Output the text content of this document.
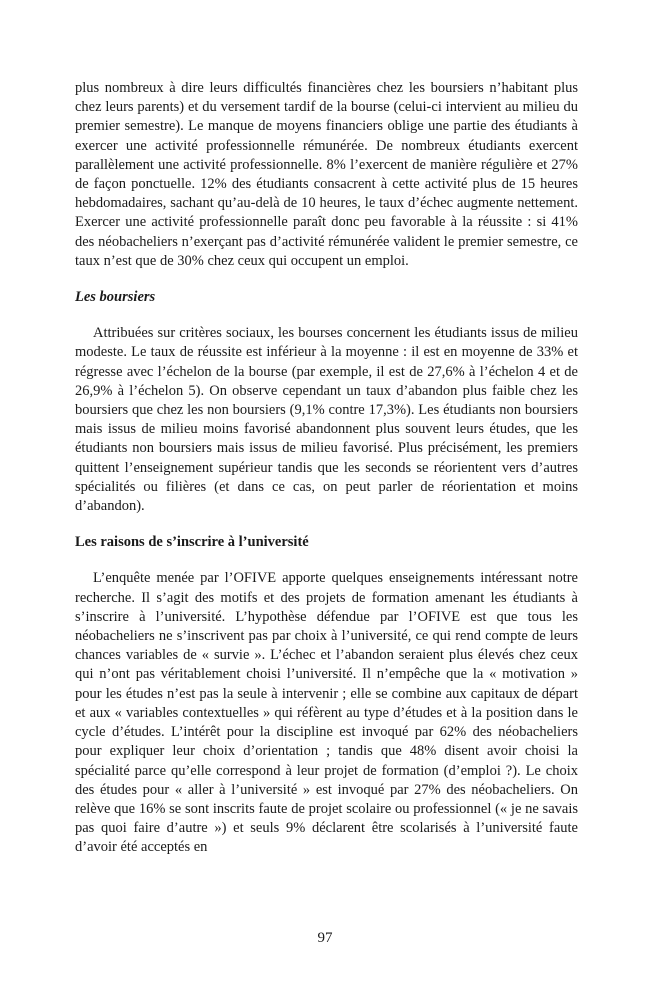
plus nombreux à dire leurs difficultés financières chez les boursiers n’habitant plus chez leurs parents) et du versement tardif de la bourse (celui-ci intervient au milieu du premier semestre). Le manque de moyens financiers oblige une partie des étudiants à exercer une activité professionnelle rémunérée. De nombreux étudiants exercent parallèlement une activité professionnelle. 8% l’exercent de manière régulière et 27% de façon ponctuelle. 12% des étudiants consacrent à cette activité plus de 15 heures hebdomadaires, sachant qu’au-delà de 10 heures, le taux d’échec augmente nettement. Exercer une activité professionnelle paraît donc peu favorable à la réussite : si 41% des néobacheliers n’exerçant pas d’activité rémunérée valident le premier semestre, ce taux n’est que de 30% chez ceux qui occupent un emploi.

Les boursiers

Attribuées sur critères sociaux, les bourses concernent les étudiants issus de milieu modeste. Le taux de réussite est inférieur à la moyenne : il est en moyenne de 33% et régresse avec l’échelon de la bourse (par exemple, il est de 27,6% à l’échelon 4 et de 26,9% à l’échelon 5). On observe cependant un taux d’abandon plus faible chez les boursiers que chez les non boursiers (9,1% contre 17,3%). Les étudiants non boursiers mais issus de milieu moins favorisé abandonnent plus souvent leurs études, que les étudiants non boursiers mais issus de milieu favorisé. Plus précisément, les premiers quittent l’enseignement supérieur tandis que les seconds se réorientent vers d’autres spécialités ou filières (et dans ce cas, on peut parler de réorientation et moins d’abandon).

Les raisons de s’inscrire à l’université

L’enquête menée par l’OFIVE apporte quelques enseignements intéressant notre recherche. Il s’agit des motifs et des projets de formation amenant les étudiants à s’inscrire à l’université. L’hypothèse défendue par l’OFIVE est que tous les néobacheliers ne s’inscrivent pas par choix à l’université, ce qui rend compte de leurs chances variables de « survie ». L’échec et l’abandon seraient plus élevés chez ceux qui n’ont pas véritablement choisi l’université. Il n’empêche que la « motivation » pour les études n’est pas la seule à intervenir ; elle se combine aux capitaux de départ et aux « variables contextuelles » qui réfèrent au type d’études et à la position dans le cycle d’études. L’intérêt pour la discipline est invoqué par 62% des néobacheliers pour expliquer leur choix d’orientation ; tandis que 48% disent avoir choisi la spécialité parce qu’elle correspond à leur projet de formation (d’emploi ?). Le choix des études pour « aller à l’université » est invoqué par 27% des néobacheliers. On relève que 16% se sont inscrits faute de projet scolaire ou professionnel (« je ne savais pas quoi faire d’autre ») et seuls 9% déclarent être scolarisés à l’université faute d’avoir été acceptés en

97
